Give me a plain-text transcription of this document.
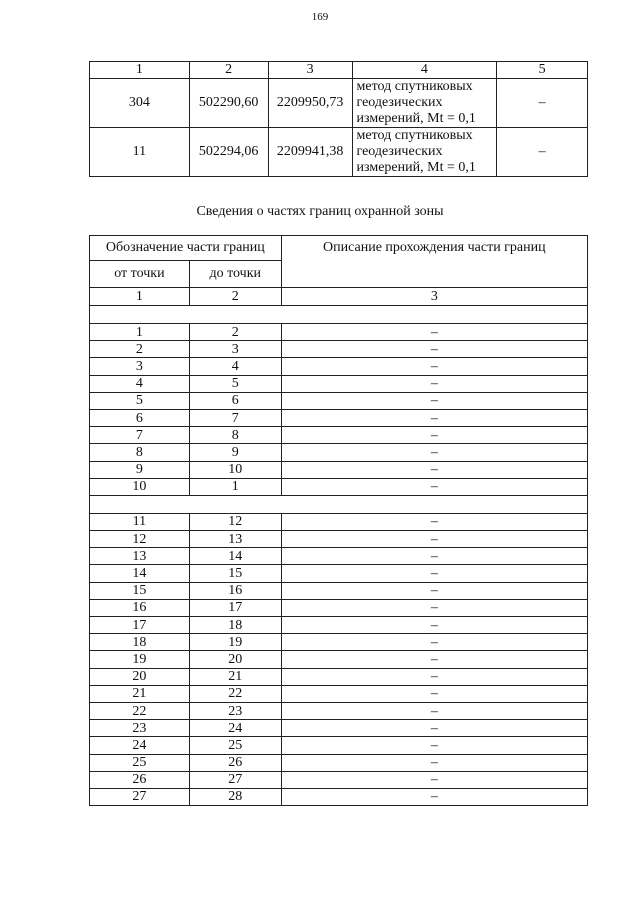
169
1	2	3	4	5
304	502290,60	2209950,73	метод спутниковых
геодезических
измерений, Mt = 0,1	–
11	502294,06	2209941,38	метод спутниковых
геодезических
измерений, Mt = 0,1	–
Сведения о частях границ охранной зоны
Обозначение части границ		Описание прохождения части границ
от точки	до точки	
1	2	3

1	2	–
2	3	–
3	4	–
4	5	–
5	6	–
6	7	–
7	8	–
8	9	–
9	10	–
10	1	–

11	12	–
12	13	–
13	14	–
14	15	–
15	16	–
16	17	–
17	18	–
18	19	–
19	20	–
20	21	–
21	22	–
22	23	–
23	24	–
24	25	–
25	26	–
26	27	–
27	28	–
